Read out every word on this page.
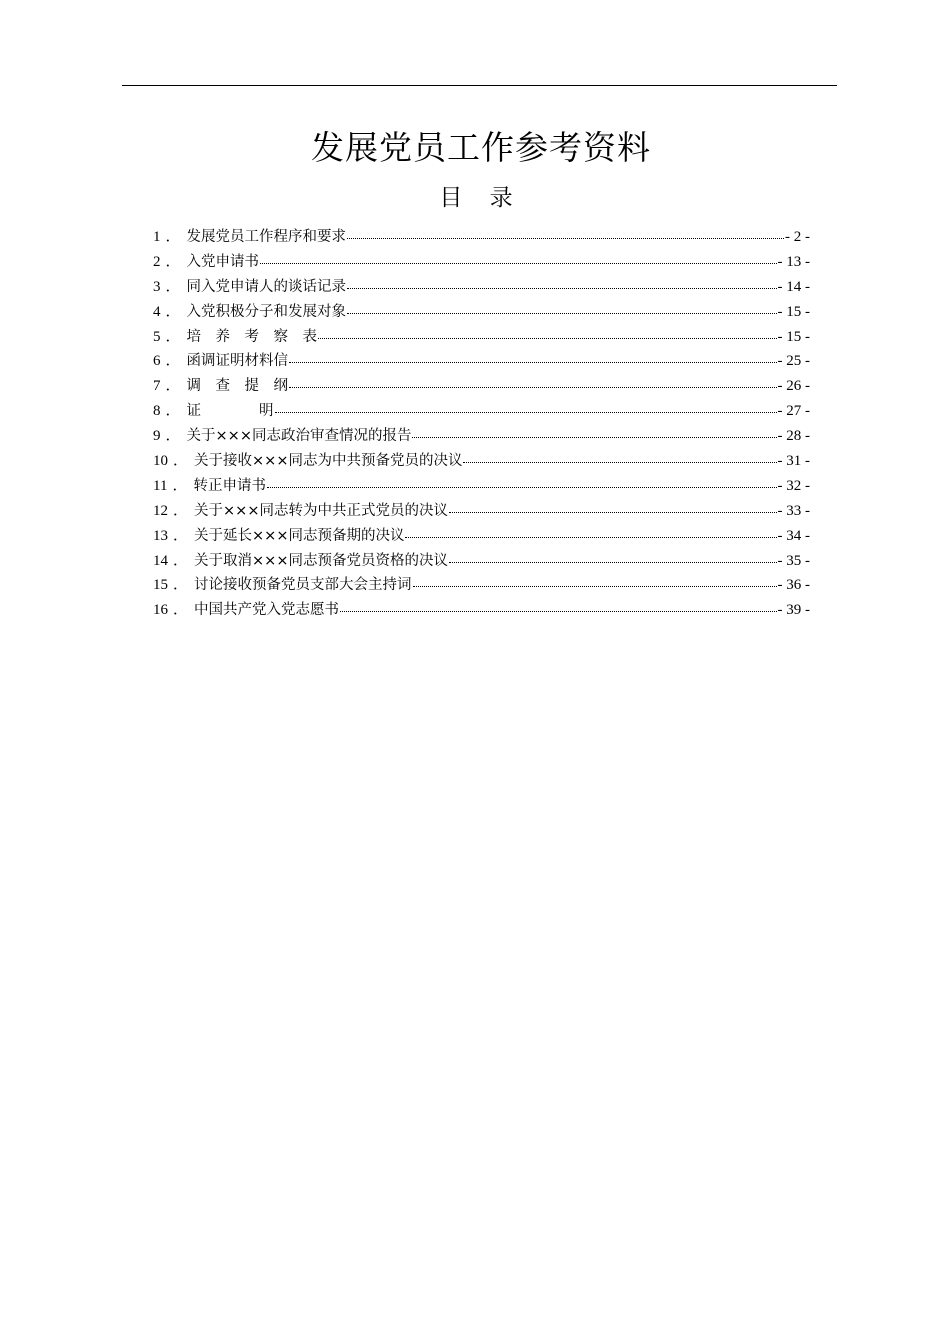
发展党员工作参考资料
目 录
1 ． 发展党员工作程序和要求	- 2 -
2 ． 入党申请书	- 13 -
3 ． 同入党申请人的谈话记录	- 14 -
4 ． 入党积极分子和发展对象	- 15 -
5 ． 培　养　考　察　表	- 15 -
6 ． 函调证明材料信	- 25 -
7 ． 调　查　提　纲	- 26 -
8 ． 证　　　　明	- 27 -
9 ． 关于×××同志政治审查情况的报告	- 28 -
10 ． 关于接收×××同志为中共预备党员的决议	- 31 -
11 ． 转正申请书	- 32 -
12 ． 关于×××同志转为中共正式党员的决议	- 33 -
13 ． 关于延长×××同志预备期的决议	- 34 -
14 ． 关于取消×××同志预备党员资格的决议	- 35 -
15 ． 讨论接收预备党员支部大会主持词	- 36 -
16 ． 中国共产党入党志愿书	- 39 -
